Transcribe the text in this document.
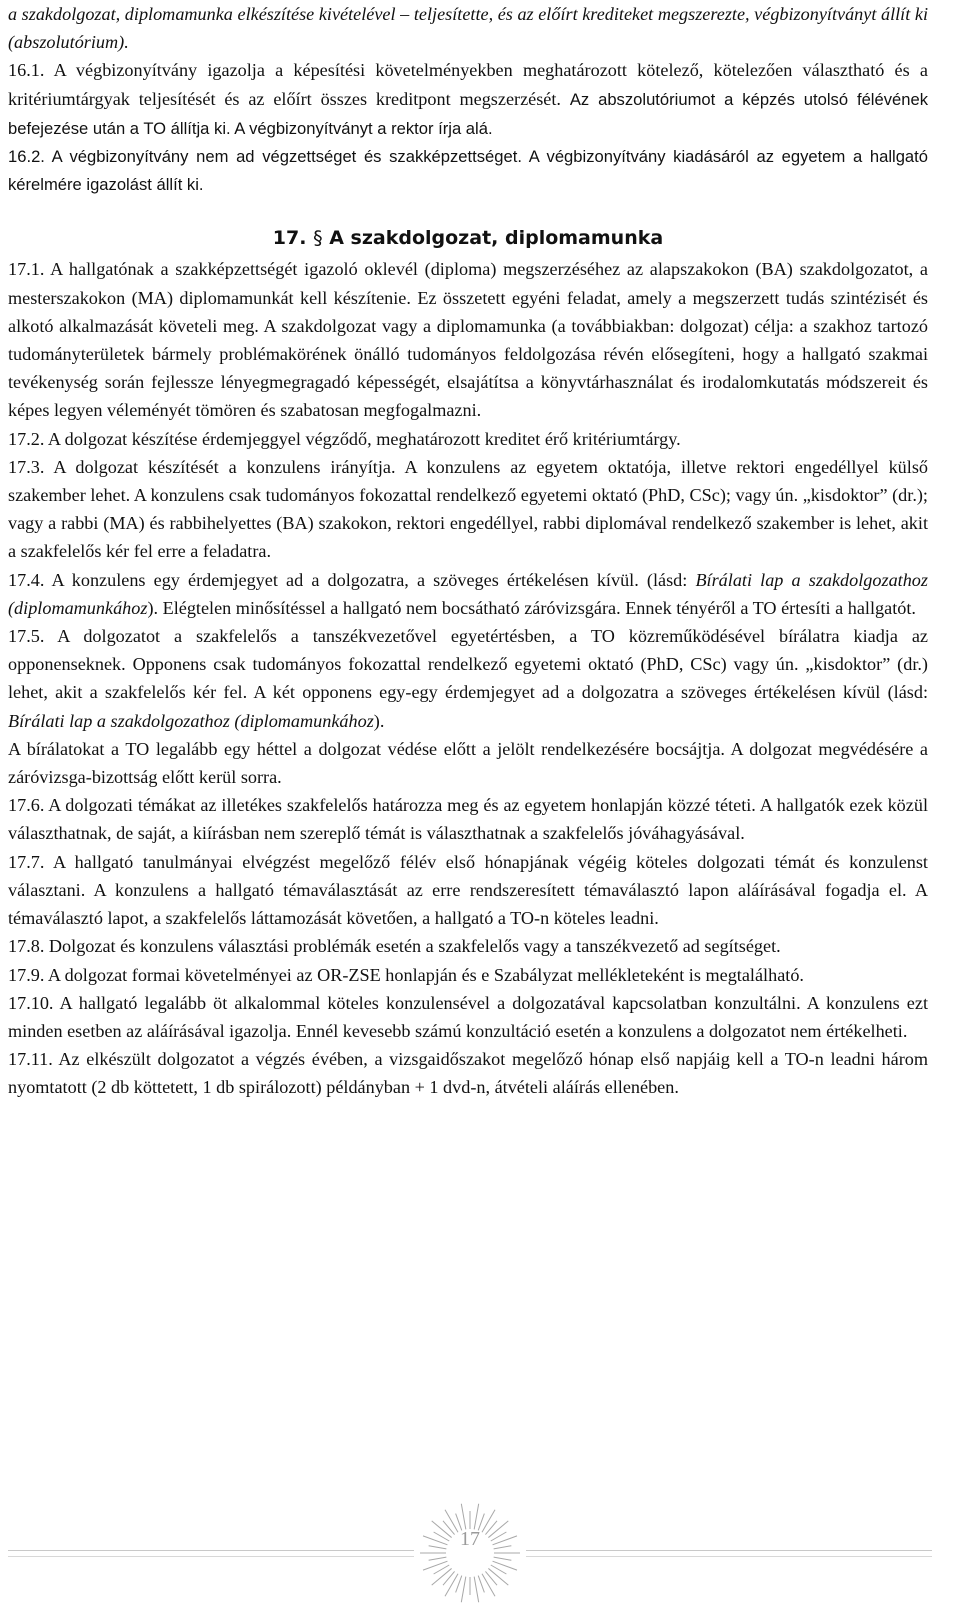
a szakdolgozat, diplomamunka elkészítése kivételével – teljesítette, és az előírt krediteket megszerezte, végbizonyítványt állít ki (abszolutórium).

16.1. A végbizonyítvány igazolja a képesítési követelményekben meghatározott kötelező, kötelezően választható és a kritériumtárgyak teljesítését és az előírt összes kreditpont megszerzését. Az abszolutóriumot a képzés utolsó félévének befejezése után a TO állítja ki. A végbizonyítványt a rektor írja alá.

16.2. A végbizonyítvány nem ad végzettséget és szakképzettséget. A végbizonyítvány kiadásáról az egyetem a hallgató kérelmére igazolást állít ki.

17. § A szakdolgozat, diplomamunka

17.1. A hallgatónak a szakképzettségét igazoló oklevél (diploma) megszerzéséhez az alapszakokon (BA) szakdolgozatot, a mesterszakokon (MA) diplomamunkát kell készítenie. Ez összetett egyéni feladat, amely a megszerzett tudás szintézisét és alkotó alkalmazását követeli meg. A szakdolgozat vagy a diplomamunka (a továbbiakban: dolgozat) célja: a szakhoz tartozó tudományterületek bármely problémakörének önálló tudományos feldolgozása révén elősegíteni, hogy a hallgató szakmai tevékenység során fejlessze lényegmegragadó képességét, elsajátítsa a könyvtárhasználat és irodalomkutatás módszereit és képes legyen véleményét tömören és szabatosan megfogalmazni.

17.2. A dolgozat készítése érdemjeggyel végződő, meghatározott kreditet érő kritériumtárgy.

17.3. A dolgozat készítését a konzulens irányítja. A konzulens az egyetem oktatója, illetve rektori engedéllyel külső szakember lehet. A konzulens csak tudományos fokozattal rendelkező egyetemi oktató (PhD, CSc); vagy ún. „kisdoktor” (dr.); vagy a rabbi (MA) és rabbihelyettes (BA) szakokon, rektori engedéllyel, rabbi diplomával rendelkező szakember is lehet, akit a szakfelelős kér fel erre a feladatra.

17.4. A konzulens egy érdemjegyet ad a dolgozatra, a szöveges értékelésen kívül. (lásd: Bírálati lap a szakdolgozathoz (diplomamunkához). Elégtelen minősítéssel a hallgató nem bocsátható záróvizsgára. Ennek tényéről a TO értesíti a hallgatót.

17.5. A dolgozatot a szakfelelős a tanszékvezetővel egyetértésben, a TO közreműködésével bírálatra kiadja az opponenseknek. Opponens csak tudományos fokozattal rendelkező egyetemi oktató (PhD, CSc) vagy ún. „kisdoktor” (dr.) lehet, akit a szakfelelős kér fel. A két opponens egy-egy érdemjegyet ad a dolgozatra a szöveges értékelésen kívül (lásd: Bírálati lap a szakdolgozathoz (diplomamunkához).

A bírálatokat a TO legalább egy héttel a dolgozat védése előtt a jelölt rendelkezésére bocsájtja. A dolgozat megvédésére a záróvizsga-bizottság előtt kerül sorra.

17.6. A dolgozati témákat az illetékes szakfelelős határozza meg és az egyetem honlapján közzé téteti. A hallgatók ezek közül választhatnak, de saját, a kiírásban nem szereplő témát is választhatnak a szakfelelős jóváhagyásával.

17.7. A hallgató tanulmányai elvégzést megelőző félév első hónapjának végéig köteles dolgozati témát és konzulenst választani. A konzulens a hallgató témaválasztását az erre rendszeresített témaválasztó lapon aláírásával fogadja el. A témaválasztó lapot, a szakfelelős láttamozását követően, a hallgató a TO-n köteles leadni.

17.8. Dolgozat és konzulens választási problémák esetén a szakfelelős vagy a tanszékvezető ad segítséget.

17.9. A dolgozat formai követelményei az OR-ZSE honlapján és e Szabályzat mellékleteként is megtalálható.

17.10. A hallgató legalább öt alkalommal köteles konzulensével a dolgozatával kapcsolatban konzultálni. A konzulens ezt minden esetben az aláírásával igazolja. Ennél kevesebb számú konzultáció esetén a konzulens a dolgozatot nem értékelheti.

17.11. Az elkészült dolgozatot a végzés évében, a vizsgaidőszakot megelőző hónap első napjáig kell a TO-n leadni három nyomtatott (2 db köttetett, 1 db spirálozott) példányban + 1 dvd-n, átvételi aláírás ellenében.

17
